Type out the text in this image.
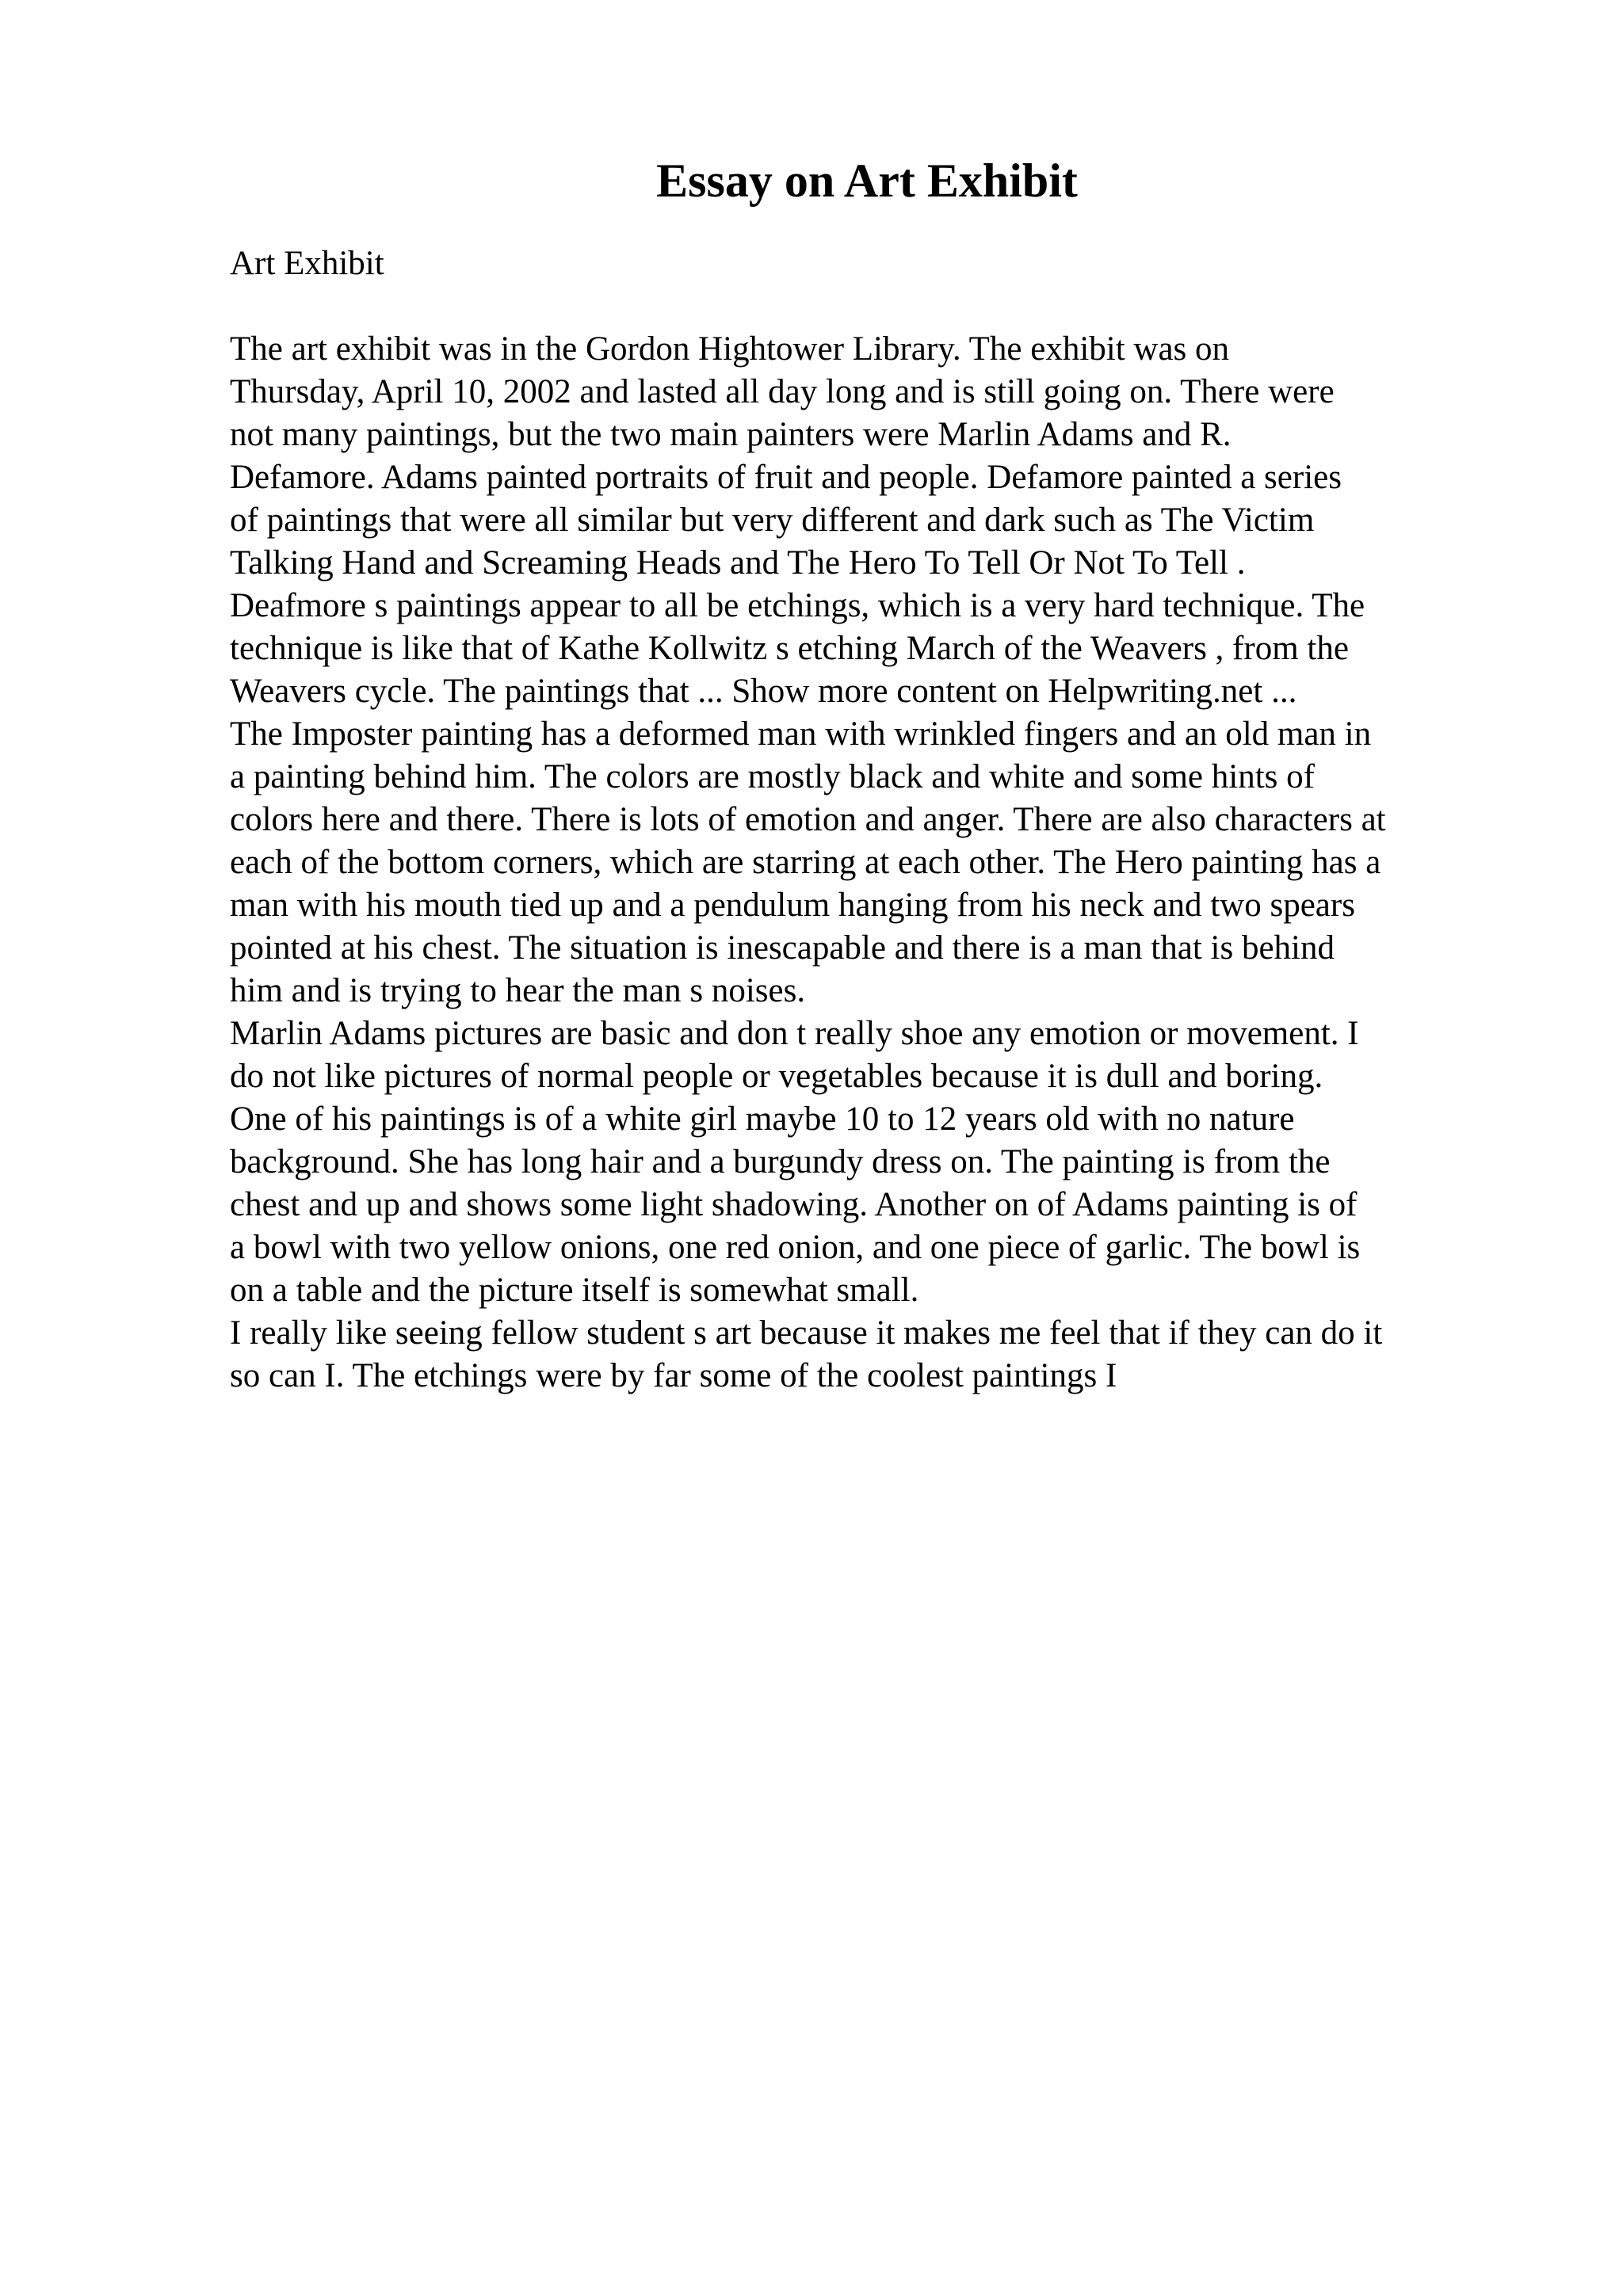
Essay on Art Exhibit

Art Exhibit

The art exhibit was in the Gordon Hightower Library. The exhibit was on
Thursday, April 10, 2002 and lasted all day long and is still going on. There were
not many paintings, but the two main painters were Marlin Adams and R.
Defamore. Adams painted portraits of fruit and people. Defamore painted a series
of paintings that were all similar but very different and dark such as The Victim
Talking Hand and Screaming Heads and The Hero To Tell Or Not To Tell .
Deafmore s paintings appear to all be etchings, which is a very hard technique. The
technique is like that of Kathe Kollwitz s etching March of the Weavers , from the
Weavers cycle. The paintings that ... Show more content on Helpwriting.net ...

The Imposter painting has a deformed man with wrinkled fingers and an old man in
a painting behind him. The colors are mostly black and white and some hints of
colors here and there. There is lots of emotion and anger. There are also characters at
each of the bottom corners, which are starring at each other. The Hero painting has a
man with his mouth tied up and a pendulum hanging from his neck and two spears
pointed at his chest. The situation is inescapable and there is a man that is behind
him and is trying to hear the man s noises.

Marlin Adams pictures are basic and don t really shoe any emotion or movement. I
do not like pictures of normal people or vegetables because it is dull and boring.
One of his paintings is of a white girl maybe 10 to 12 years old with no nature
background. She has long hair and a burgundy dress on. The painting is from the
chest and up and shows some light shadowing. Another on of Adams painting is of
a bowl with two yellow onions, one red onion, and one piece of garlic. The bowl is
on a table and the picture itself is somewhat small.

I really like seeing fellow student s art because it makes me feel that if they can do it
so can I. The etchings were by far some of the coolest paintings I
